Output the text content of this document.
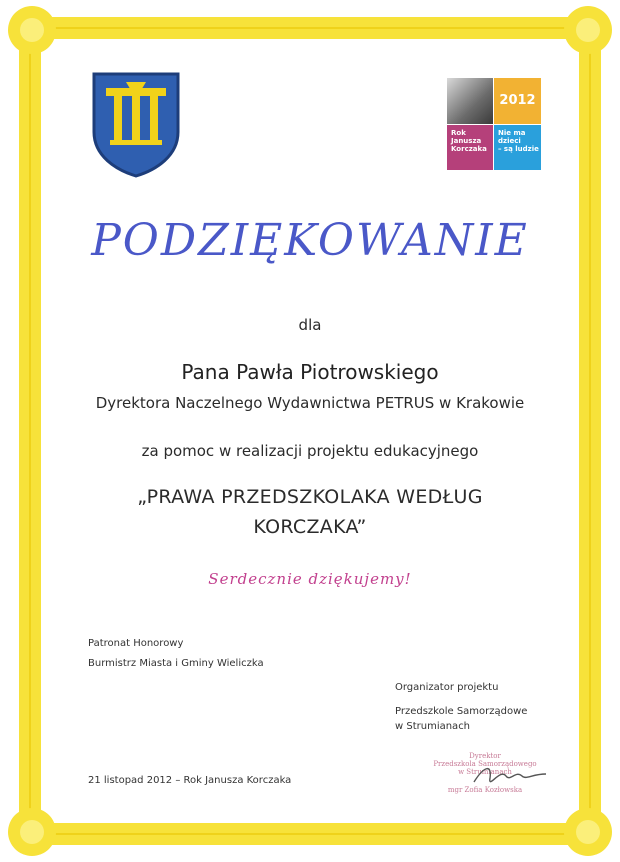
2012
Rok
Janusza
Korczaka
Nie ma
dzieci
– są ludzie
PODZIĘKOWANIE
dla
Pana Pawła Piotrowskiego
Dyrektora Naczelnego Wydawnictwa PETRUS w Krakowie
za pomoc w realizacji projektu edukacyjnego
„PRAWA PRZEDSZKOLAKA WEDŁUG
KORCZAKA”
Serdecznie dziękujemy!
Patronat Honorowy
Burmistrz Miasta i Gminy Wieliczka
Organizator projektu
Przedszkole Samorządowe
w Strumianach
Dyrektor
Przedszkola Samorządowego
w Strumianach
mgr Zofia Kozłowska
21 listopad 2012 – Rok Janusza Korczaka
